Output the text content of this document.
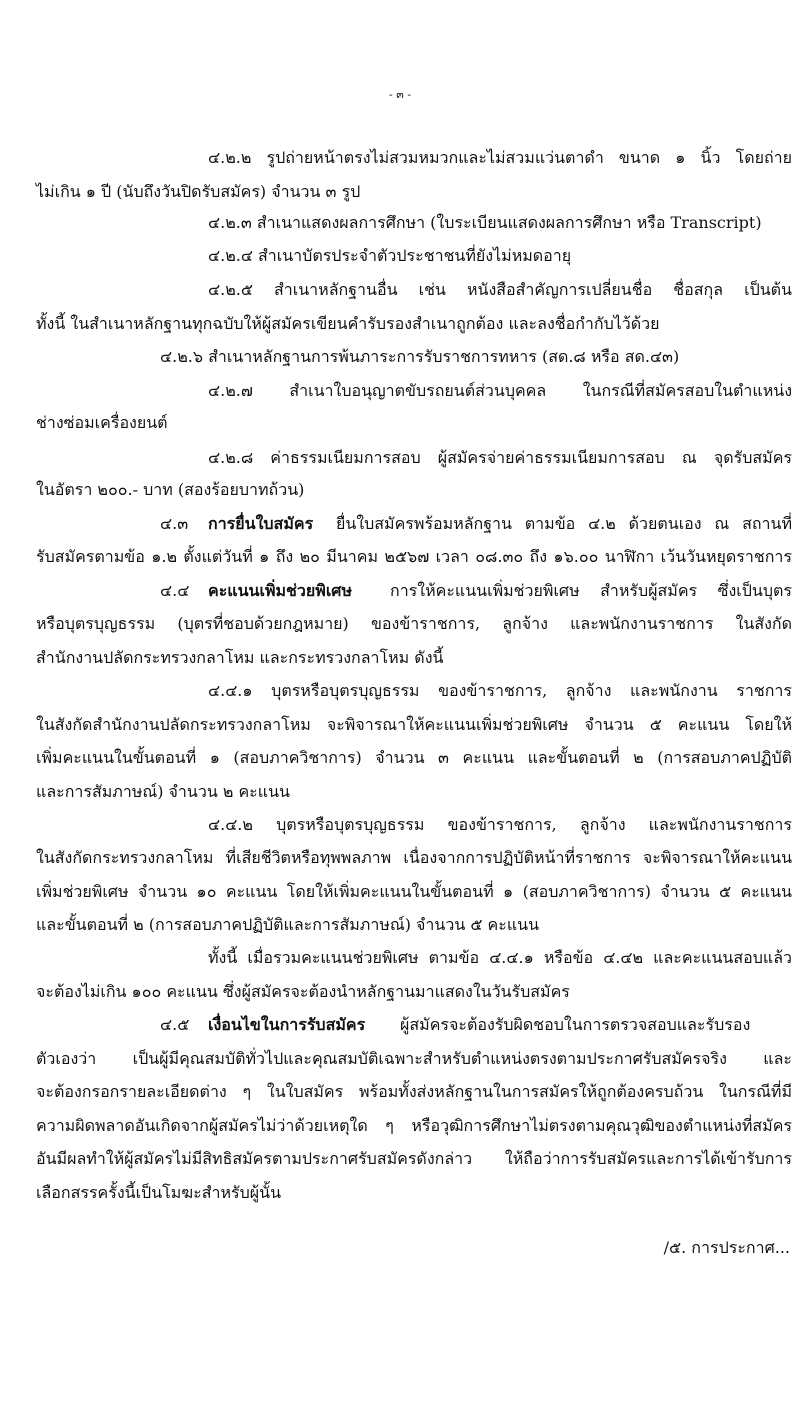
- ๓ -
๔.๒.๒ รูปถ่ายหน้าตรงไม่สวมหมวกและไม่สวมแว่นตาดำ ขนาด ๑ นิ้ว โดยถ่าย
ไม่เกิน ๑ ปี (นับถึงวันปิดรับสมัคร) จำนวน ๓ รูป
๔.๒.๓ สำเนาแสดงผลการศึกษา (ใบระเบียนแสดงผลการศึกษา หรือ Transcript)
๔.๒.๔ สำเนาบัตรประจำตัวประชาชนที่ยังไม่หมดอายุ
๔.๒.๕ สำเนาหลักฐานอื่น เช่น หนังสือสำคัญการเปลี่ยนชื่อ ชื่อสกุล เป็นต้น
ทั้งนี้ ในสำเนาหลักฐานทุกฉบับให้ผู้สมัครเขียนคำรับรองสำเนาถูกต้อง และลงชื่อกำกับไว้ด้วย
๔.๒.๖ สำเนาหลักฐานการพ้นภาระการรับราชการทหาร (สด.๘ หรือ สด.๔๓)
๔.๒.๗ สำเนาใบอนุญาตขับรถยนต์ส่วนบุคคล ในกรณีที่สมัครสอบในตำแหน่ง
ช่างซ่อมเครื่องยนต์
๔.๒.๘ ค่าธรรมเนียมการสอบ ผู้สมัครจ่ายค่าธรรมเนียมการสอบ ณ จุดรับสมัคร
ในอัตรา ๒๐๐.- บาท (สองร้อยบาทถ้วน)
๔.๓ การยื่นใบสมัคร ยื่นใบสมัครพร้อมหลักฐาน ตามข้อ ๔.๒ ด้วยตนเอง ณ สถานที่
รับสมัครตามข้อ ๑.๒ ตั้งแต่วันที่ ๑ ถึง ๒๐ มีนาคม ๒๕๖๗ เวลา ๐๘.๓๐ ถึง ๑๖.๐๐ นาฬิกา เว้นวันหยุดราชการ
๔.๔ คะแนนเพิ่มช่วยพิเศษ การให้คะแนนเพิ่มช่วยพิเศษ สำหรับผู้สมัคร ซึ่งเป็นบุตร
หรือบุตรบุญธรรม (บุตรที่ชอบด้วยกฎหมาย) ของข้าราชการ, ลูกจ้าง และพนักงานราชการ ในสังกัด
สำนักงานปลัดกระทรวงกลาโหม และกระทรวงกลาโหม ดังนี้
๔.๔.๑ บุตรหรือบุตรบุญธรรม ของข้าราชการ, ลูกจ้าง และพนักงาน ราชการ
ในสังกัดสำนักงานปลัดกระทรวงกลาโหม จะพิจารณาให้คะแนนเพิ่มช่วยพิเศษ จำนวน ๕ คะแนน โดยให้
เพิ่มคะแนนในขั้นตอนที่ ๑ (สอบภาควิชาการ) จำนวน ๓ คะแนน และขั้นตอนที่ ๒ (การสอบภาคปฏิบัติ
และการสัมภาษณ์) จำนวน ๒ คะแนน
๔.๔.๒ บุตรหรือบุตรบุญธรรม ของข้าราชการ, ลูกจ้าง และพนักงานราชการ
ในสังกัดกระทรวงกลาโหม ที่เสียชีวิตหรือทุพพลภาพ เนื่องจากการปฏิบัติหน้าที่ราชการ จะพิจารณาให้คะแนน
เพิ่มช่วยพิเศษ จำนวน ๑๐ คะแนน โดยให้เพิ่มคะแนนในขั้นตอนที่ ๑ (สอบภาควิชาการ) จำนวน ๕ คะแนน
และขั้นตอนที่ ๒ (การสอบภาคปฏิบัติและการสัมภาษณ์) จำนวน ๕ คะแนน
ทั้งนี้ เมื่อรวมคะแนนช่วยพิเศษ ตามข้อ ๔.๔.๑ หรือข้อ ๔.๔๒ และคะแนนสอบแล้ว
จะต้องไม่เกิน ๑๐๐ คะแนน ซึ่งผู้สมัครจะต้องนำหลักฐานมาแสดงในวันรับสมัคร
๔.๕ เงื่อนไขในการรับสมัคร ผู้สมัครจะต้องรับผิดชอบในการตรวจสอบและรับรอง
ตัวเองว่า เป็นผู้มีคุณสมบัติทั่วไปและคุณสมบัติเฉพาะสำหรับตำแหน่งตรงตามประกาศรับสมัครจริง และ
จะต้องกรอกรายละเอียดต่าง ๆ ในใบสมัคร พร้อมทั้งส่งหลักฐานในการสมัครให้ถูกต้องครบถ้วน ในกรณีที่มี
ความผิดพลาดอันเกิดจากผู้สมัครไม่ว่าด้วยเหตุใด ๆ หรือวุฒิการศึกษาไม่ตรงตามคุณวุฒิของตำแหน่งที่สมัคร
อันมีผลทำให้ผู้สมัครไม่มีสิทธิสมัครตามประกาศรับสมัครดังกล่าว ให้ถือว่าการรับสมัครและการได้เข้ารับการ
เลือกสรรครั้งนี้เป็นโมฆะสำหรับผู้นั้น
/๕. การประกาศ...
